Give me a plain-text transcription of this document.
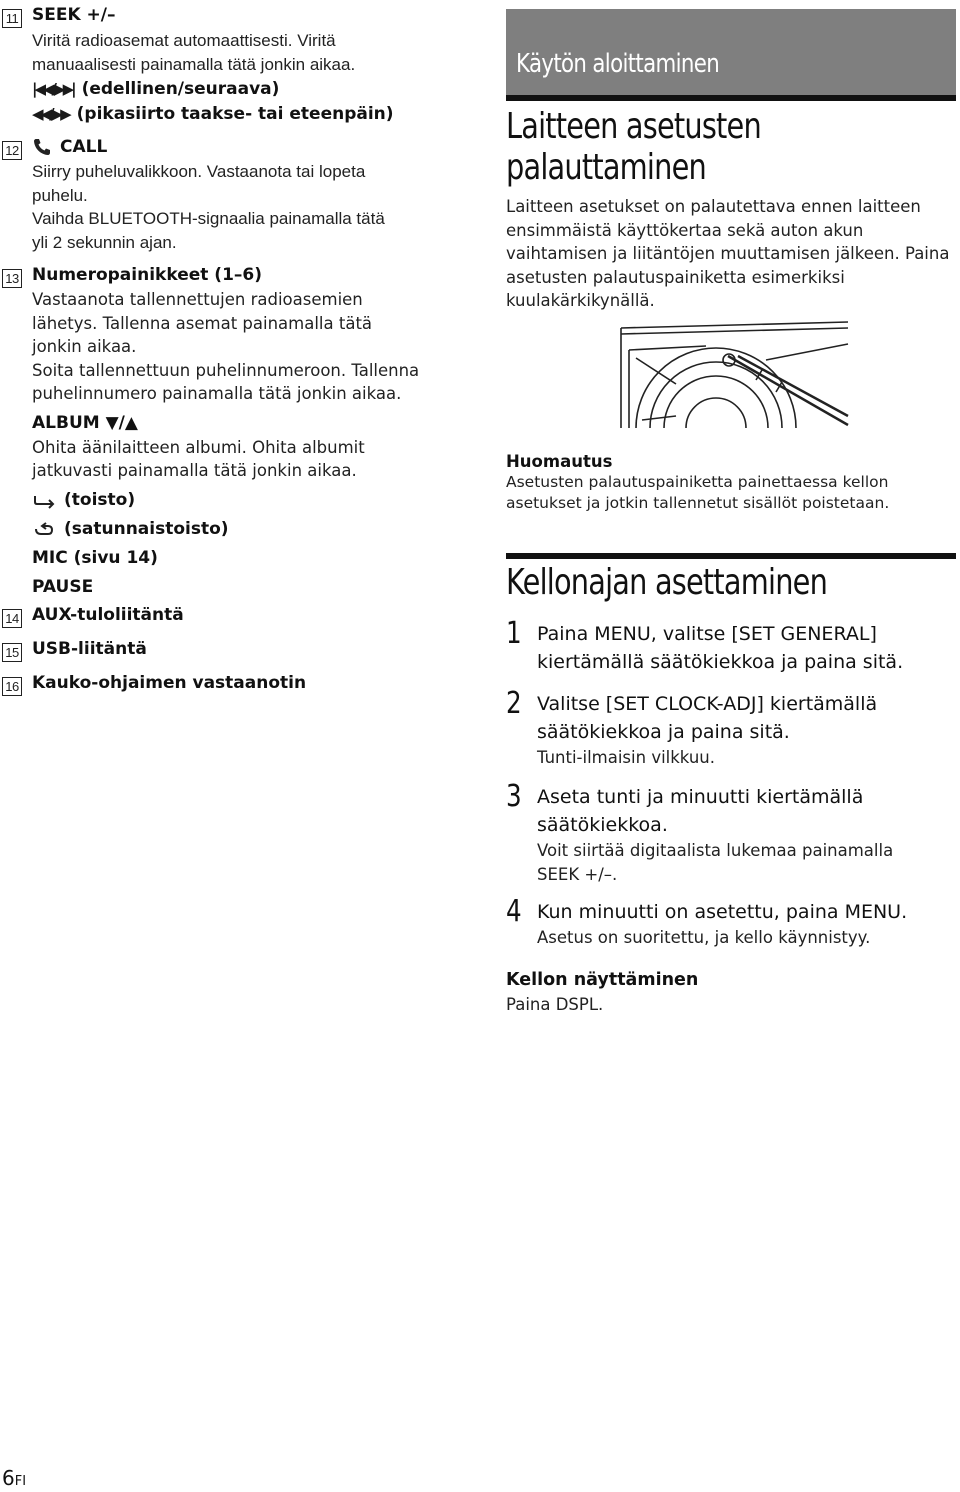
11 SEEK +/–

Viritä radioasemat automaattisesti. Viritä manuaalisesti painamalla tätä jonkin aikaa.

|◀◀/▶▶| (edellinen/seuraava)
◀◀/▶▶ (pikasiirto taakse- tai eteenpäin)
12 CALL

Siirry puheluvalikkoon. Vastaanota tai lopeta puhelu.

Vaihda BLUETOOTH-signaalia painamalla tätä yli 2 sekunnin ajan.

13 Numeropainikkeet (1–6)

Vastaanota tallennettujen radioasemien lähetys. Tallenna asemat painamalla tätä jonkin aikaa.

Soita tallennettuun puhelinnumeroon. Tallenna puhelinnumero painamalla tätä jonkin aikaa.

ALBUM ▼/▲

Ohita äänilaitteen albumi. Ohita albumit jatkuvasti painamalla tätä jonkin aikaa.

(toisto)
(satunnaistoisto)

MIC (sivu 14)

PAUSE

14 AUX-tuloliitäntä

15 USB-liitäntä

16 Kauko-ohjaimen vastaanotin

Käytön aloittaminen
Laitteen asetusten
palauttaminen

Laitteen asetukset on palautettava ennen laitteen ensimmäistä käyttökertaa sekä auton akun vaihtamisen ja liitäntöjen muuttamisen jälkeen. Paina asetusten palautuspainiketta esimerkiksi kuulakärkikynällä.

Huomautus

Asetusten palautuspainiketta painettaessa kellon asetukset ja jotkin tallennetut sisällöt poistetaan.

Kellonajan asettaminen
1 Paina MENU, valitse [SET GENERAL] kiertämällä säätökiekkoa ja paina sitä.

2 Valitse [SET CLOCK-ADJ] kiertämällä säätökiekkoa ja paina sitä.

Tunti-ilmaisin vilkkuu.

3 Aseta tunti ja minuutti kiertämällä säätökiekkoa.

Voit siirtää digitaalista lukemaa painamalla SEEK +/–.

4 Kun minuutti on asetettu, paina MENU.

Asetus on suoritettu, ja kello käynnistyy.

Kellon näyttäminen

Paina DSPL.

6FI
